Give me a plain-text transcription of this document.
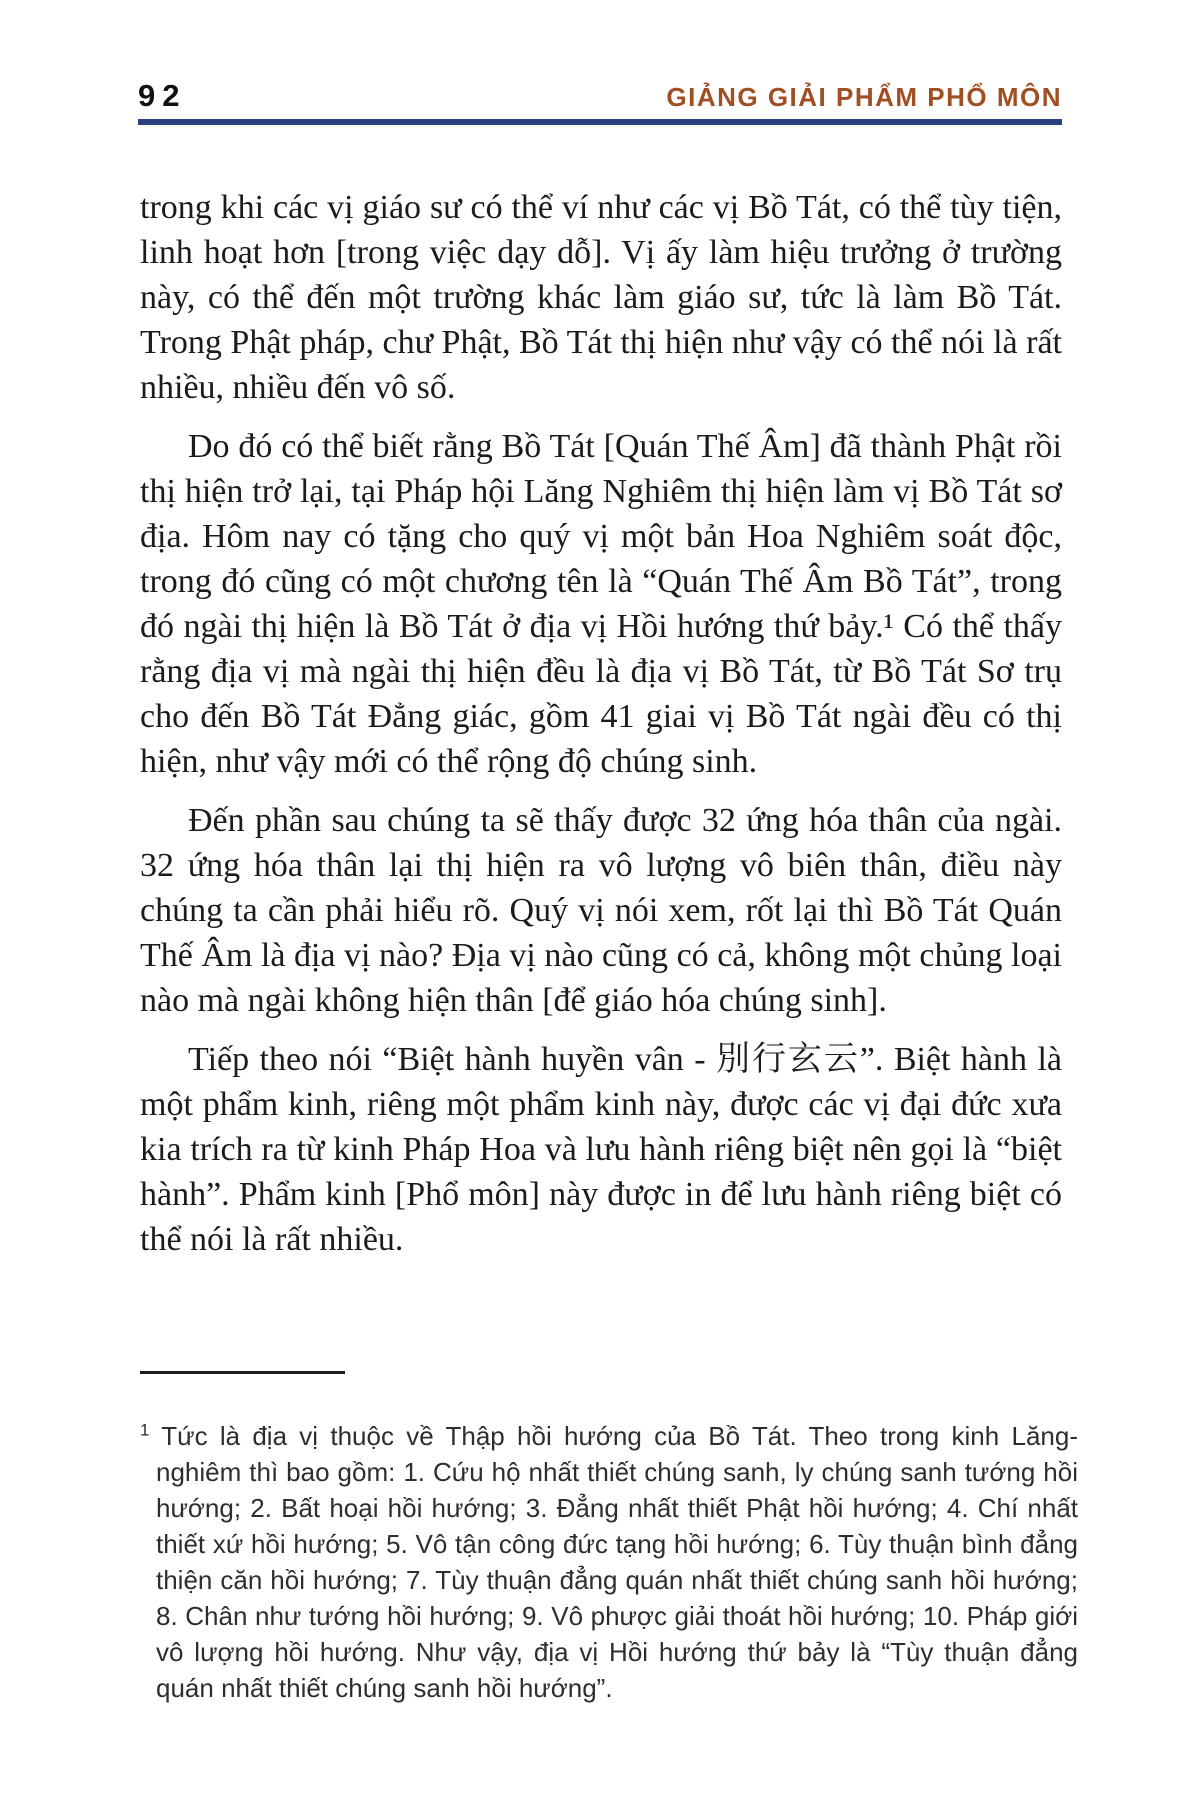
92	GIẢNG GIẢI PHẨM PHỔ MÔN

trong khi các vị giáo sư có thể ví như các vị Bồ Tát, có thể tùy tiện, linh hoạt hơn [trong việc dạy dỗ]. Vị ấy làm hiệu trưởng ở trường này, có thể đến một trường khác làm giáo sư, tức là làm Bồ Tát. Trong Phật pháp, chư Phật, Bồ Tát thị hiện như vậy có thể nói là rất nhiều, nhiều đến vô số.

Do đó có thể biết rằng Bồ Tát [Quán Thế Âm] đã thành Phật rồi thị hiện trở lại, tại Pháp hội Lăng Nghiêm thị hiện làm vị Bồ Tát sơ địa. Hôm nay có tặng cho quý vị một bản Hoa Nghiêm soát độc, trong đó cũng có một chương tên là “Quán Thế Âm Bồ Tát”, trong đó ngài thị hiện là Bồ Tát ở địa vị Hồi hướng thứ bảy.¹ Có thể thấy rằng địa vị mà ngài thị hiện đều là địa vị Bồ Tát, từ Bồ Tát Sơ trụ cho đến Bồ Tát Đẳng giác, gồm 41 giai vị Bồ Tát ngài đều có thị hiện, như vậy mới có thể rộng độ chúng sinh.

Đến phần sau chúng ta sẽ thấy được 32 ứng hóa thân của ngài. 32 ứng hóa thân lại thị hiện ra vô lượng vô biên thân, điều này chúng ta cần phải hiểu rõ. Quý vị nói xem, rốt lại thì Bồ Tát Quán Thế Âm là địa vị nào? Địa vị nào cũng có cả, không một chủng loại nào mà ngài không hiện thân [để giáo hóa chúng sinh].

Tiếp theo nói “Biệt hành huyền vân - 別行玄云”. Biệt hành là một phẩm kinh, riêng một phẩm kinh này, được các vị đại đức xưa kia trích ra từ kinh Pháp Hoa và lưu hành riêng biệt nên gọi là “biệt hành”. Phẩm kinh [Phổ môn] này được in để lưu hành riêng biệt có thể nói là rất nhiều.

$^1$ Tức là địa vị thuộc về Thập hồi hướng của Bồ Tát. Theo trong kinh Lăng-nghiêm thì bao gồm: 1. Cứu hộ nhất thiết chúng sanh, ly chúng sanh tướng hồi hướng; 2. Bất hoại hồi hướng; 3. Đẳng nhất thiết Phật hồi hướng; 4. Chí nhất thiết xứ hồi hướng; 5. Vô tận công đức tạng hồi hướng; 6. Tùy thuận bình đẳng thiện căn hồi hướng; 7. Tùy thuận đẳng quán nhất thiết chúng sanh hồi hướng; 8. Chân như tướng hồi hướng; 9. Vô phược giải thoát hồi hướng; 10. Pháp giới vô lượng hồi hướng. Như vậy, địa vị Hồi hướng thứ bảy là “Tùy thuận đẳng quán nhất thiết chúng sanh hồi hướng”.
